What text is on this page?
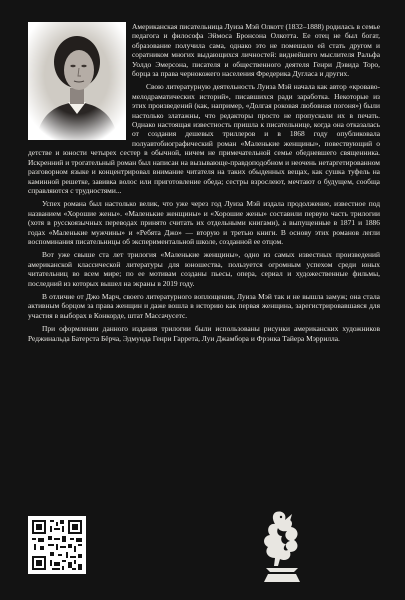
Американская писательница Луиза Мэй Олкотт (1832–1888) родилась в семье педагога и философа Эймоса Бронсона Олкотта. Ее отец не был богат, образование получила сама, однако это не помешало ей стать другом и соратником многих выдающихся личностей: виднейшего мыслителя Ральфа Уолдо Эмерсона, писателя и общественного деятеля Генри Дэвида Торо, борца за права чернокожего населения Фредерика Дугласа и других.

Свою литературную деятельность Луиза Мэй начала как автор «кроваво-мелодраматических историй», писавшихся ради заработка. Некоторые из этих произведений (как, например, «Долгая роковая любовная погоня») были настолько златажны, что редакторы просто не пропускали их в печать. Однако настоящая известность пришла к писательнице, когда она отказалась от создания дешевых триллеров и в 1868 году опубликовала полуавтобиографический роман «Маленькие женщины», повествующий о детстве и юности четырех сестер в обычной, ничем не примечательной семье обедневшего священника. Искренний и трогательный роман был написан на вызывающе-правдоподобном и неочень нетаргетированном разговорном языке и концентрировал внимание читателя на таких обыденных вещах, как сушка туфель на каминной решетке, завивка волос или приготовление обеда; сестры взрослеют, мечтают о будущем, сообща справляются с трудностями...

Успех романа был настолько велик, что уже через год Луиза Мэй издала продолжение, известное под названием «Хорошие жены». «Маленькие женщины» и «Хорошие жены» составили первую часть трилогии (хотя в русскоязычных переводах принято считать их отдельными книгами), а выпущенные в 1871 и 1886 годах «Маленькие мужчины» и «Ребята Джо» — вторую и третью книги. В основу этих романов легли воспоминания писательницы об экспериментальной школе, созданной ее отцом.

Вот уже свыше ста лет трилогия «Маленькие женщины», одно из самых известных произведений американской классической литературы для юношества, пользуется огромным успехом среди юных читательниц во всем мире; по ее мотивам созданы пьесы, опера, сериал и художественные фильмы, последний из которых вышел на экраны в 2019 году.

В отличие от Джо Марч, своего литературного воплощения, Луиза Мэй так и не вышла замуж; она стала активным борцом за права женщин и даже вошла в историю как первая женщина, зарегистрировавшаяся для участия в выборах в Конкорде, штат Массачусетс.

При оформлении данного издания трилогии были использованы рисунки американских художников Реджинальда Батерста Бёрча, Эдмунда Генри Гаррета, Луи Джамбора и Фрэнка Тайера Мэррилла.
